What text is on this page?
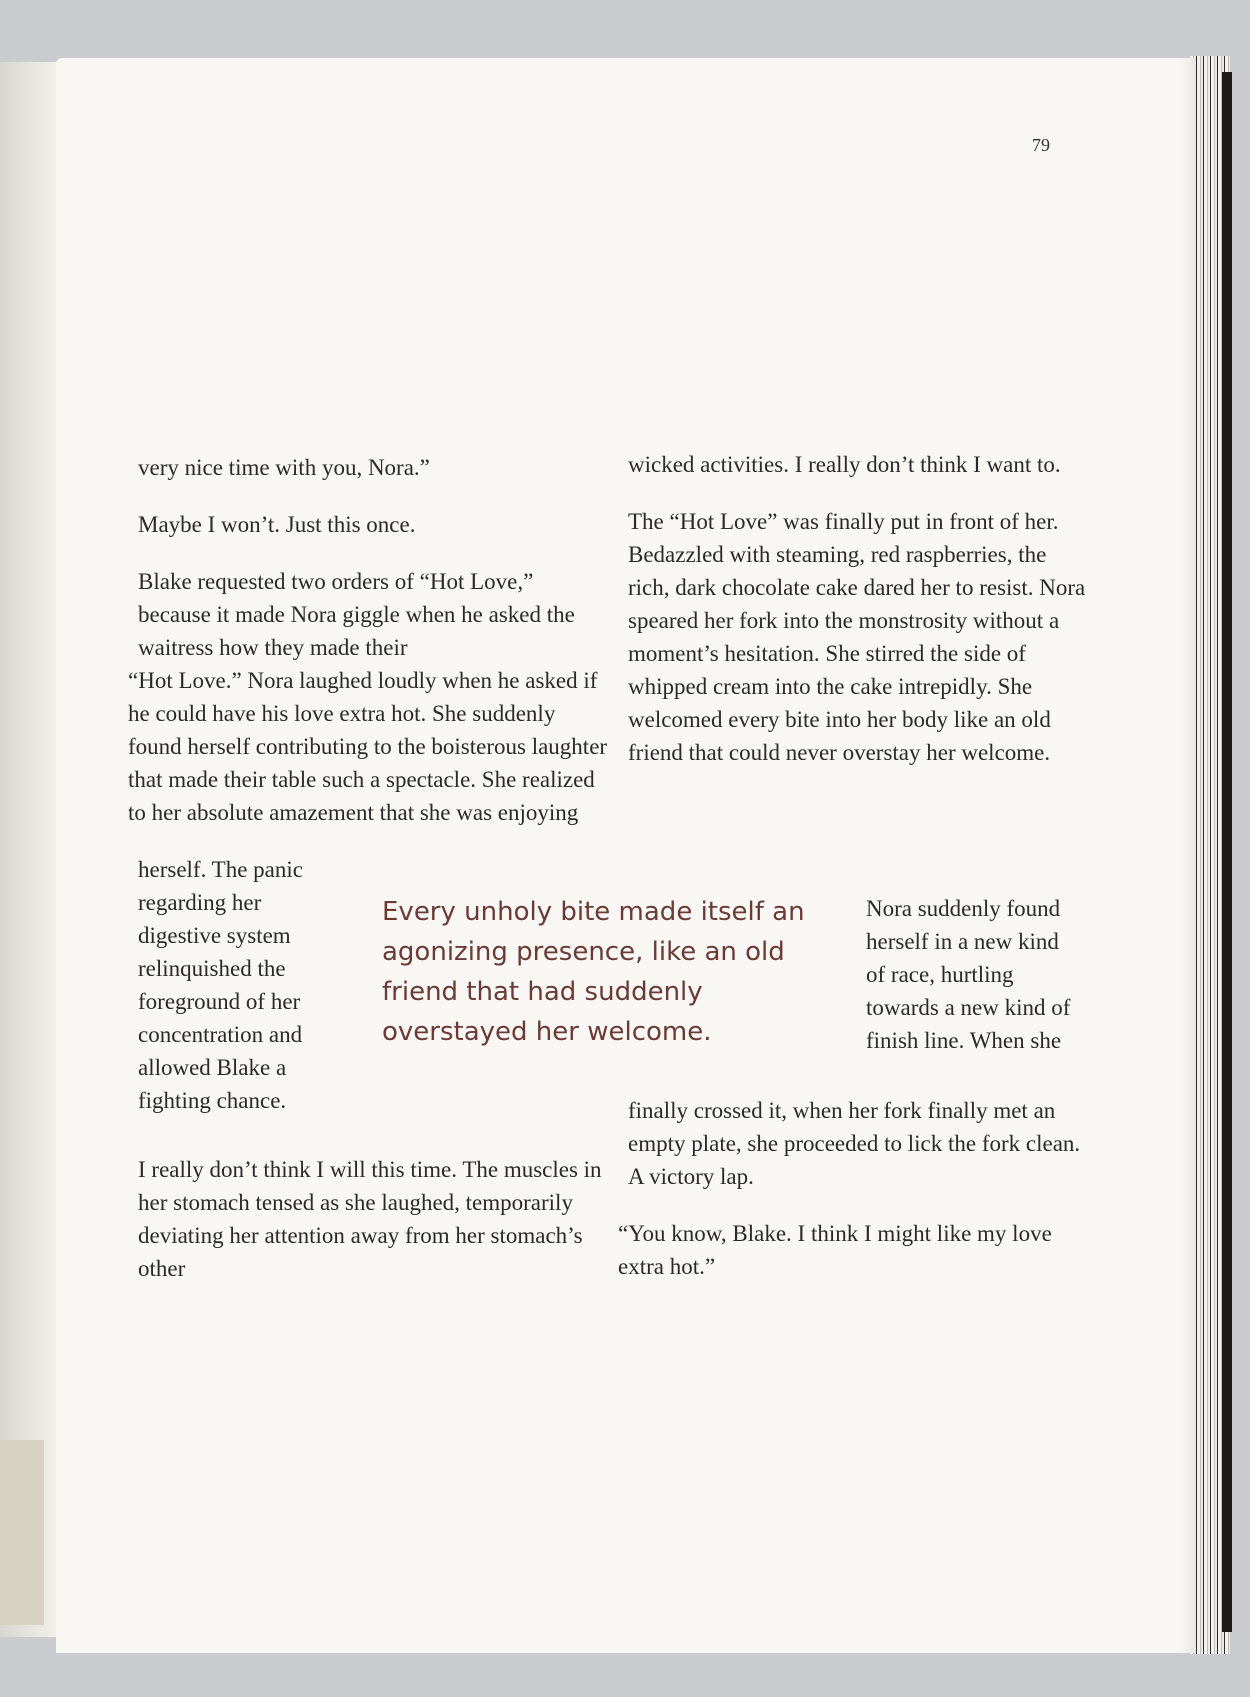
79

very nice time with you, Nora.”

Maybe I won’t. Just this once.

Blake requested two orders of “Hot Love,” because it made Nora giggle when he asked the waitress how they made their
“Hot Love.” Nora laughed loudly when he asked if he could have his love extra hot. She suddenly found herself contributing to the boisterous laughter that made their table such a spectacle. She realized to her absolute amazement that she was enjoying

herself. The panic regarding her digestive system relinquished the foreground of her concentration and allowed Blake a fighting chance.
Every unholy bite made itself an agonizing presence, like an old friend that had suddenly overstayed her welcome.

wicked activities. I really don’t think I want to.

The “Hot Love” was finally put in front of her. Bedazzled with steaming, red raspberries, the rich, dark chocolate cake dared her to resist. Nora speared her fork into the monstrosity without a moment’s hesitation. She stirred the side of whipped cream into the cake intrepidly. She welcomed every bite into her body like an old friend that could never overstay her welcome.

Nora suddenly found herself in a new kind of race, hurtling towards a new kind of finish line. When she

I really don’t think I will this time. The muscles in her stomach tensed as she laughed, temporarily deviating her attention away from her stomach’s other

finally crossed it, when her fork finally met an empty plate, she proceeded to lick the fork clean. A victory lap.

“You know, Blake. I think I might like my love extra hot.”
